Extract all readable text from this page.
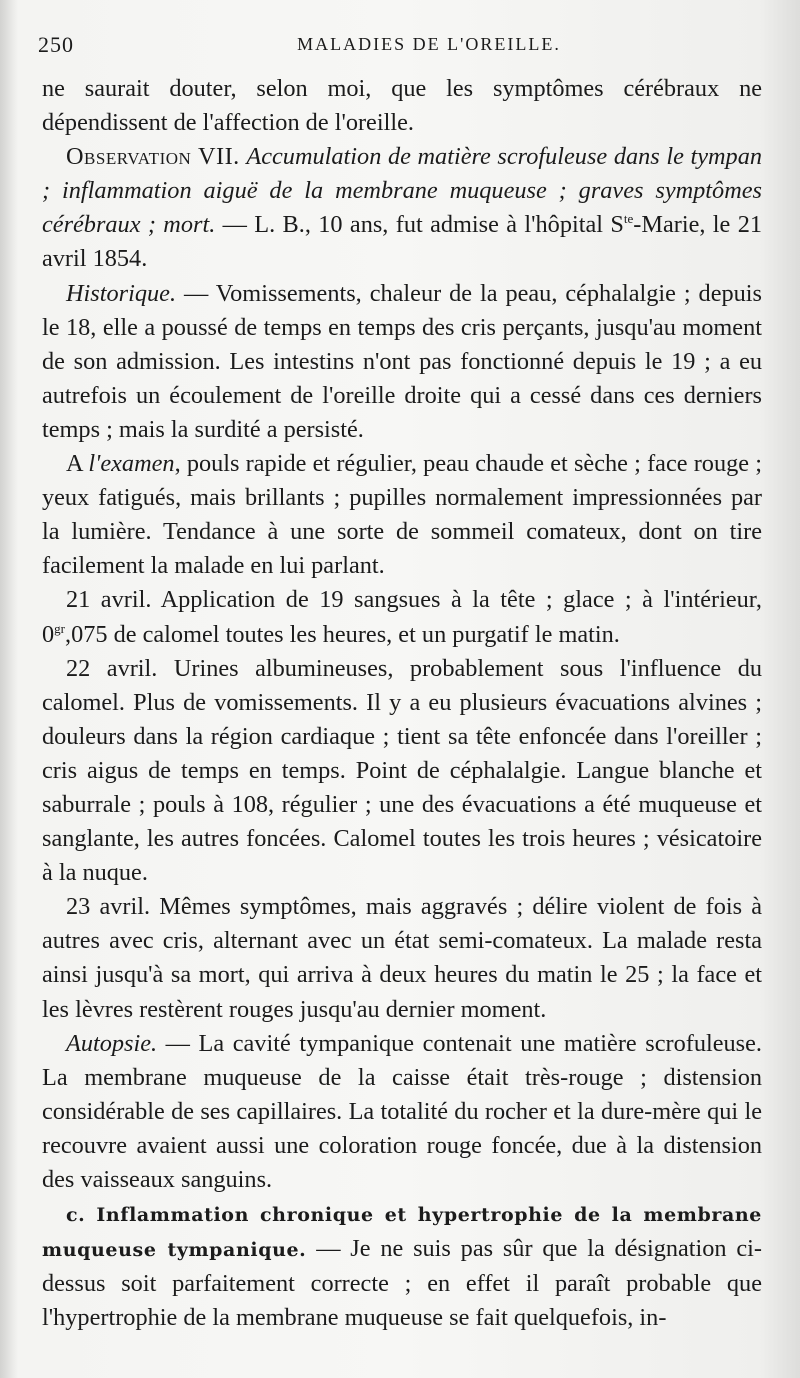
250	MALADIES DE L'OREILLE.

ne saurait douter, selon moi, que les symptômes cérébraux ne dépendissent de l'affection de l'oreille.

Observation VII. Accumulation de matière scrofuleuse dans le tympan ; inflammation aiguë de la membrane muqueuse ; graves symptômes cérébraux ; mort. — L. B., 10 ans, fut admise à l'hôpital $S^{te}$-Marie, le 21 avril 1854.

Historique. — Vomissements, chaleur de la peau, céphalalgie ; depuis le 18, elle a poussé de temps en temps des cris perçants, jusqu'au moment de son admission. Les intestins n'ont pas fonctionné depuis le 19 ; a eu autrefois un écoulement de l'oreille droite qui a cessé dans ces derniers temps ; mais la surdité a persisté.

A l'examen, pouls rapide et régulier, peau chaude et sèche ; face rouge ; yeux fatigués, mais brillants ; pupilles normalement impressionnées par la lumière. Tendance à une sorte de sommeil comateux, dont on tire facilement la malade en lui parlant.

21 avril. Application de 19 sangsues à la tête ; glace ; à l'intérieur, $0^{gr},075$ de calomel toutes les heures, et un purgatif le matin.

22 avril. Urines albumineuses, probablement sous l'influence du calomel. Plus de vomissements. Il y a eu plusieurs évacuations alvines ; douleurs dans la région cardiaque ; tient sa tête enfoncée dans l'oreiller ; cris aigus de temps en temps. Point de céphalalgie. Langue blanche et saburrale ; pouls à 108, régulier ; une des évacuations a été muqueuse et sanglante, les autres foncées. Calomel toutes les trois heures ; vésicatoire à la nuque.

23 avril. Mêmes symptômes, mais aggravés ; délire violent de fois à autres avec cris, alternant avec un état semi-comateux. La malade resta ainsi jusqu'à sa mort, qui arriva à deux heures du matin le 25 ; la face et les lèvres restèrent rouges jusqu'au dernier moment.

Autopsie. — La cavité tympanique contenait une matière scrofuleuse. La membrane muqueuse de la caisse était très-rouge ; distension considérable de ses capillaires. La totalité du rocher et la dure-mère qui le recouvre avaient aussi une coloration rouge foncée, due à la distension des vaisseaux sanguins.

c. Inflammation chronique et hypertrophie de la membrane muqueuse tympanique. — Je ne suis pas sûr que la désignation ci-dessus soit parfaitement correcte ; en effet il paraît probable que l'hypertrophie de la membrane muqueuse se fait quelquefois, in-
